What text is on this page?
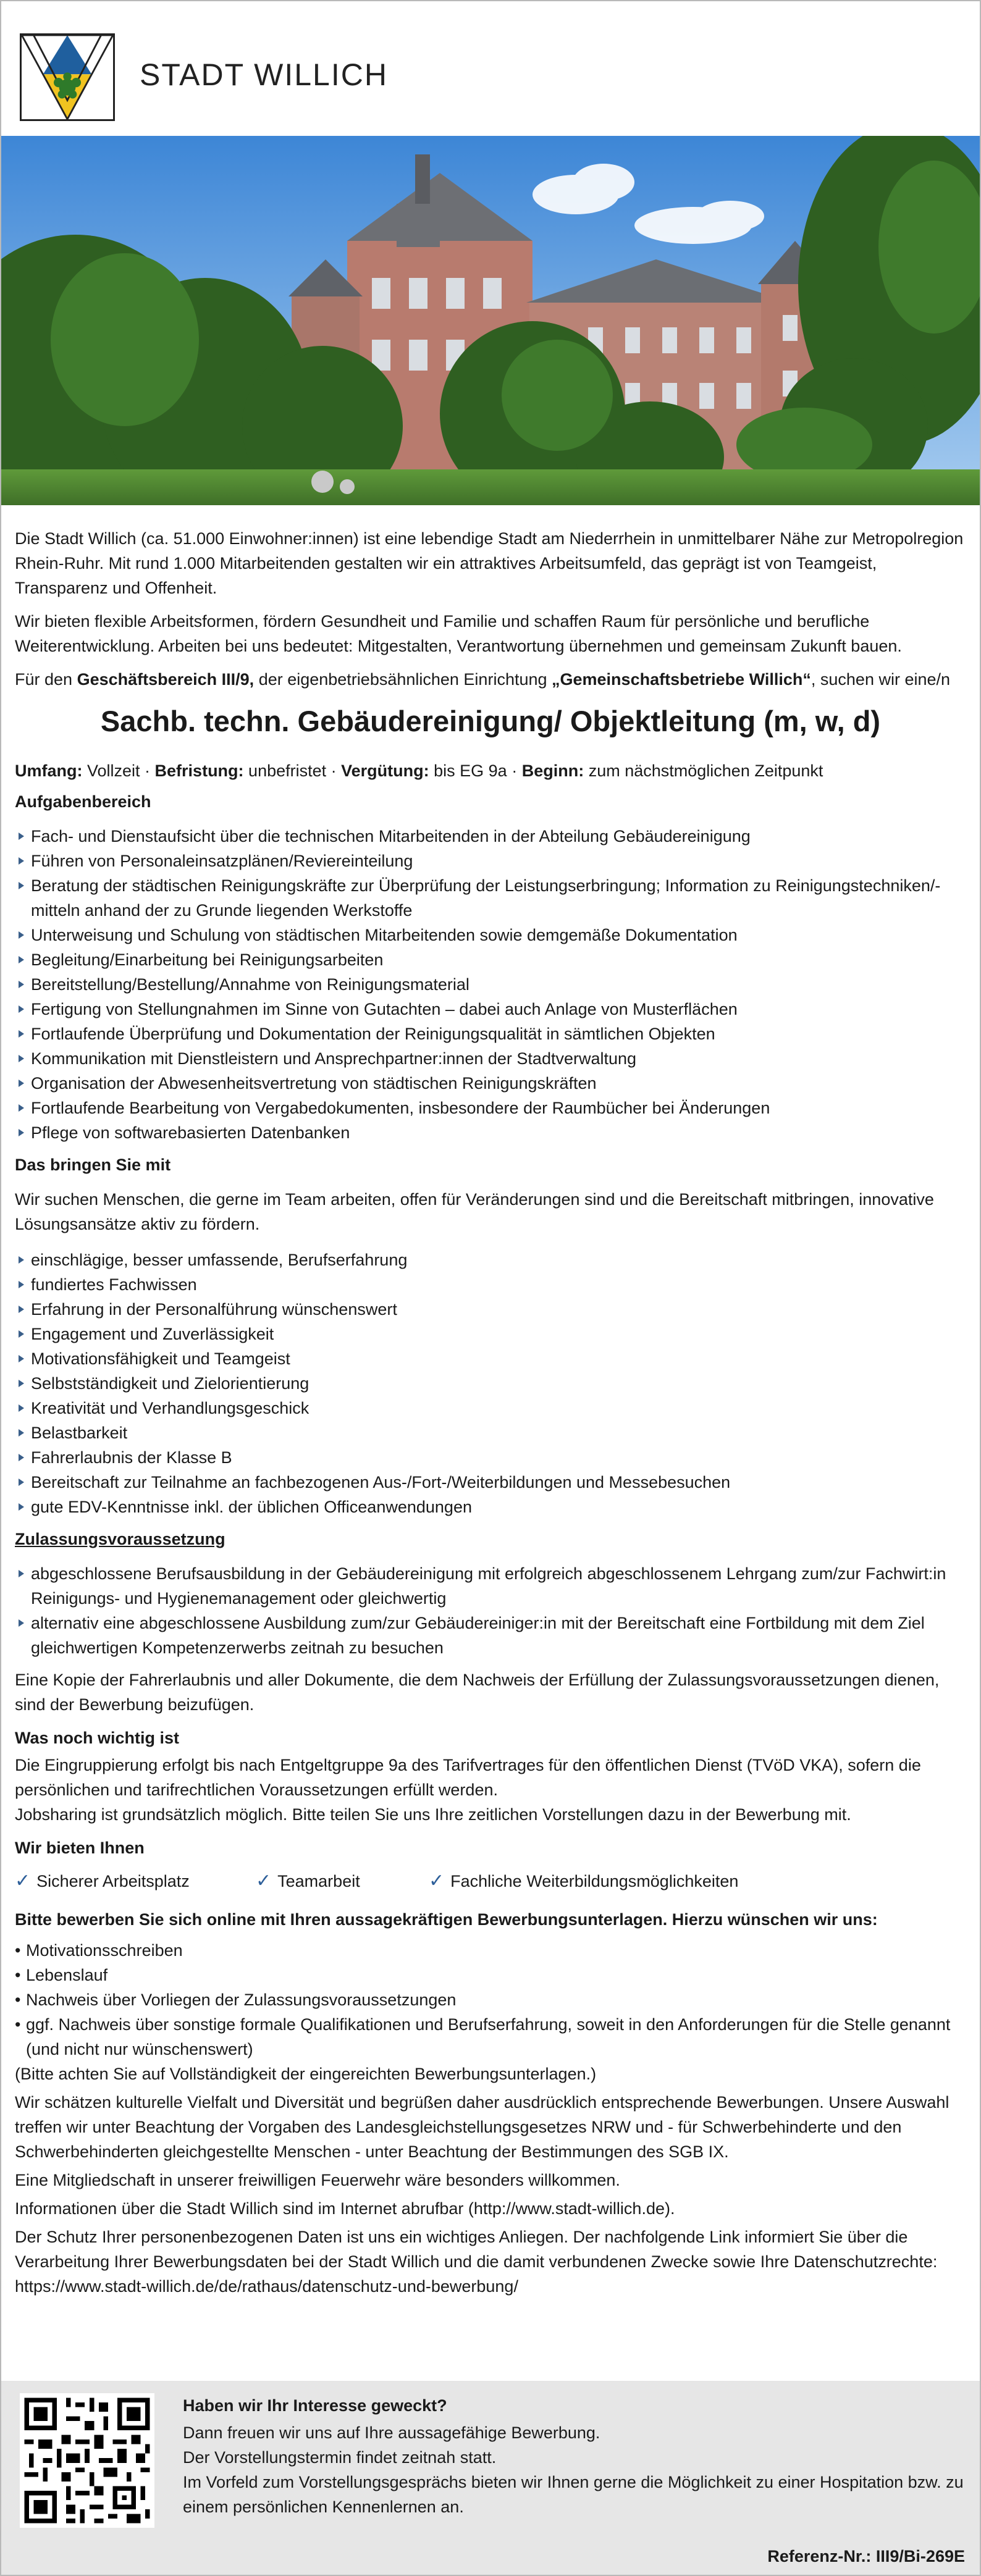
STADT WILLICH

Die Stadt Willich (ca. 51.000 Einwohner:innen) ist eine lebendige Stadt am Niederrhein in unmittelbarer Nähe zur Metropolregion Rhein-Ruhr. Mit rund 1.000 Mitarbeitenden gestalten wir ein attraktives Arbeitsumfeld, das geprägt ist von Teamgeist, Transparenz und Offenheit.

Wir bieten flexible Arbeitsformen, fördern Gesundheit und Familie und schaffen Raum für persönliche und berufliche Weiterentwicklung. Arbeiten bei uns bedeutet: Mitgestalten, Verantwortung übernehmen und gemeinsam Zukunft bauen.

Für den Geschäftsbereich III/9, der eigenbetriebsähnlichen Einrichtung „Gemeinschaftsbetriebe Willich“, suchen wir eine/n

Sachb. techn. Gebäudereinigung/ Objektleitung (m, w, d)
Umfang: Vollzeit · Befristung: unbefristet · Vergütung: bis EG 9a · Beginn: zum nächstmöglichen Zeitpunkt
Aufgabenbereich
Fach- und Dienstaufsicht über die technischen Mitarbeitenden in der Abteilung Gebäudereinigung
Führen von Personaleinsatzplänen/Reviereinteilung
Beratung der städtischen Reinigungskräfte zur Überprüfung der Leistungserbringung; Information zu Reinigungstechniken/-mitteln anhand der zu Grunde liegenden Werkstoffe
Unterweisung und Schulung von städtischen Mitarbeitenden sowie demgemäße Dokumentation
Begleitung/Einarbeitung bei Reinigungsarbeiten
Bereitstellung/Bestellung/Annahme von Reinigungsmaterial
Fertigung von Stellungnahmen im Sinne von Gutachten – dabei auch Anlage von Musterflächen
Fortlaufende Überprüfung und Dokumentation der Reinigungsqualität in sämtlichen Objekten
Kommunikation mit Dienstleistern und Ansprechpartner:innen der Stadtverwaltung
Organisation der Abwesenheitsvertretung von städtischen Reinigungskräften
Fortlaufende Bearbeitung von Vergabedokumenten, insbesondere der Raumbücher bei Änderungen
Pflege von softwarebasierten Datenbanken
Das bringen Sie mit

Wir suchen Menschen, die gerne im Team arbeiten, offen für Veränderungen sind und die Bereitschaft mitbringen, innovative Lösungsansätze aktiv zu fördern.

einschlägige, besser umfassende, Berufserfahrung
fundiertes Fachwissen
Erfahrung in der Personalführung wünschenswert
Engagement und Zuverlässigkeit
Motivationsfähigkeit und Teamgeist
Selbstständigkeit und Zielorientierung
Kreativität und Verhandlungsgeschick
Belastbarkeit
Fahrerlaubnis der Klasse B
Bereitschaft zur Teilnahme an fachbezogenen Aus-/Fort-/Weiterbildungen und Messebesuchen
gute EDV-Kenntnisse inkl. der üblichen Officeanwendungen
Zulassungsvoraussetzung
abgeschlossene Berufsausbildung in der Gebäudereinigung mit erfolgreich abgeschlossenem Lehrgang zum/zur Fachwirt:in Reinigungs- und Hygienemanagement oder gleichwertig
alternativ eine abgeschlossene Ausbildung zum/zur Gebäudereiniger:in mit der Bereitschaft eine Fortbildung mit dem Ziel gleichwertigen Kompetenzerwerbs zeitnah zu besuchen

Eine Kopie der Fahrerlaubnis und aller Dokumente, die dem Nachweis der Erfüllung der Zulassungsvoraussetzungen dienen, sind der Bewerbung beizufügen.

Was noch wichtig ist

Die Eingruppierung erfolgt bis nach Entgeltgruppe 9a des Tarifvertrages für den öffentlichen Dienst (TVöD VKA), sofern die persönlichen und tarifrechtlichen Voraussetzungen erfüllt werden.
Jobsharing ist grundsätzlich möglich. Bitte teilen Sie uns Ihre zeitlichen Vorstellungen dazu in der Bewerbung mit.

Wir bieten Ihnen
✓ Sicherer Arbeitsplatz	✓ Teamarbeit	✓ Fachliche Weiterbildungsmöglichkeiten
Bitte bewerben Sie sich online mit Ihren aussagekräftigen Bewerbungsunterlagen. Hierzu wünschen wir uns:
• Motivationsschreiben
• Lebenslauf
• Nachweis über Vorliegen der Zulassungsvoraussetzungen
• ggf. Nachweis über sonstige formale Qualifikationen und Berufserfahrung, soweit in den Anforderungen für die Stelle genannt (und nicht nur wünschenswert)

(Bitte achten Sie auf Vollständigkeit der eingereichten Bewerbungsunterlagen.)

Wir schätzen kulturelle Vielfalt und Diversität und begrüßen daher ausdrücklich entsprechende Bewerbungen. Unsere Auswahl treffen wir unter Beachtung der Vorgaben des Landesgleichstellungsgesetzes NRW und - für Schwerbehinderte und den Schwerbehinderten gleichgestellte Menschen - unter Beachtung der Bestimmungen des SGB IX.

Eine Mitgliedschaft in unserer freiwilligen Feuerwehr wäre besonders willkommen.

Informationen über die Stadt Willich sind im Internet abrufbar (http://www.stadt-willich.de).

Der Schutz Ihrer personenbezogenen Daten ist uns ein wichtiges Anliegen. Der nachfolgende Link informiert Sie über die Verarbeitung Ihrer Bewerbungsdaten bei der Stadt Willich und die damit verbundenen Zwecke sowie Ihre Datenschutzrechte: https://www.stadt-willich.de/de/rathaus/datenschutz-und-bewerbung/

Haben wir Ihr Interesse geweckt?
Dann freuen wir uns auf Ihre aussagefähige Bewerbung.
Der Vorstellungstermin findet zeitnah statt.
Im Vorfeld zum Vorstellungsgesprächs bieten wir Ihnen gerne die Möglichkeit zu einer Hospitation bzw. zu einem persönlichen Kennenlernen an.
Referenz-Nr.: III9/Bi-269E
